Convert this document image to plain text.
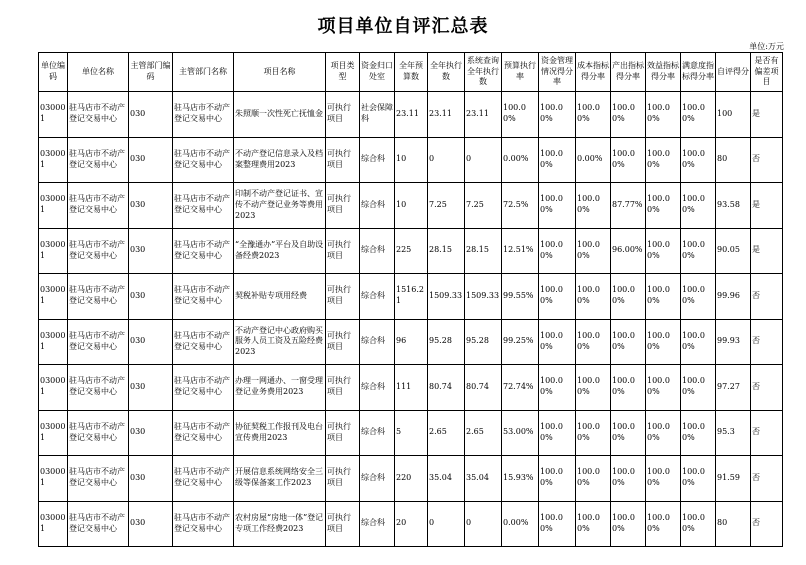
项目单位自评汇总表
单位:万元
单位编码	单位名称	主管部门编码	主管部门名称	项目名称	项目类型	资金归口处室	全年预算数	全年执行数	系统查询全年执行数	预算执行率	资金管理情况得分率	成本指标得分率	产出指标得分率	效益指标得分率	满意度指标得分率	自评得分	是否有偏差项目
030001	驻马店市不动产登记交易中心	030	驻马店市不动产登记交易中心	朱照顺一次性死亡抚恤金	可执行项目	社会保障科	23.11	23.11	23.11	100.00%	100.00%	100.00%	100.00%	100.00%	100.00%	100	是
030001	驻马店市不动产登记交易中心	030	驻马店市不动产登记交易中心	不动产登记信息录入及档案整理费用2023	可执行项目	综合科	10	0	0	0.00%	100.00%	0.00%	100.00%	100.00%	100.00%	80	否
030001	驻马店市不动产登记交易中心	030	驻马店市不动产登记交易中心	印制不动产登记证书、宣传不动产登记业务等费用2023	可执行项目	综合科	10	7.25	7.25	72.5%	100.00%	100.00%	87.77%	100.00%	100.00%	93.58	是
030001	驻马店市不动产登记交易中心	030	驻马店市不动产登记交易中心	“全豫通办”平台及自助设备经费2023	可执行项目	综合科	225	28.15	28.15	12.51%	100.00%	100.00%	96.00%	100.00%	100.00%	90.05	是
030001	驻马店市不动产登记交易中心	030	驻马店市不动产登记交易中心	契税补贴专项用经费	可执行项目	综合科	1516.21	1509.33	1509.33	99.55%	100.00%	100.00%	100.00%	100.00%	100.00%	99.96	否
030001	驻马店市不动产登记交易中心	030	驻马店市不动产登记交易中心	不动产登记中心政府购买服务人员工资及五险经费2023	可执行项目	综合科	96	95.28	95.28	99.25%	100.00%	100.00%	100.00%	100.00%	100.00%	99.93	否
030001	驻马店市不动产登记交易中心	030	驻马店市不动产登记交易中心	办理一网通办、一窗受理登记业务费用2023	可执行项目	综合科	111	80.74	80.74	72.74%	100.00%	100.00%	100.00%	100.00%	100.00%	97.27	否
030001	驻马店市不动产登记交易中心	030	驻马店市不动产登记交易中心	协征契税工作报刊及电台宣传费用2023	可执行项目	综合科	5	2.65	2.65	53.00%	100.00%	100.00%	100.00%	100.00%	100.00%	95.3	否
030001	驻马店市不动产登记交易中心	030	驻马店市不动产登记交易中心	开展信息系统网络安全三级等保备案工作2023	可执行项目	综合科	220	35.04	35.04	15.93%	100.00%	100.00%	100.00%	100.00%	100.00%	91.59	否
030001	驻马店市不动产登记交易中心	030	驻马店市不动产登记交易中心	农村房屋“房地一体”登记专项工作经费2023	可执行项目	综合科	20	0	0	0.00%	100.00%	100.00%	100.00%	100.00%	100.00%	80	否
